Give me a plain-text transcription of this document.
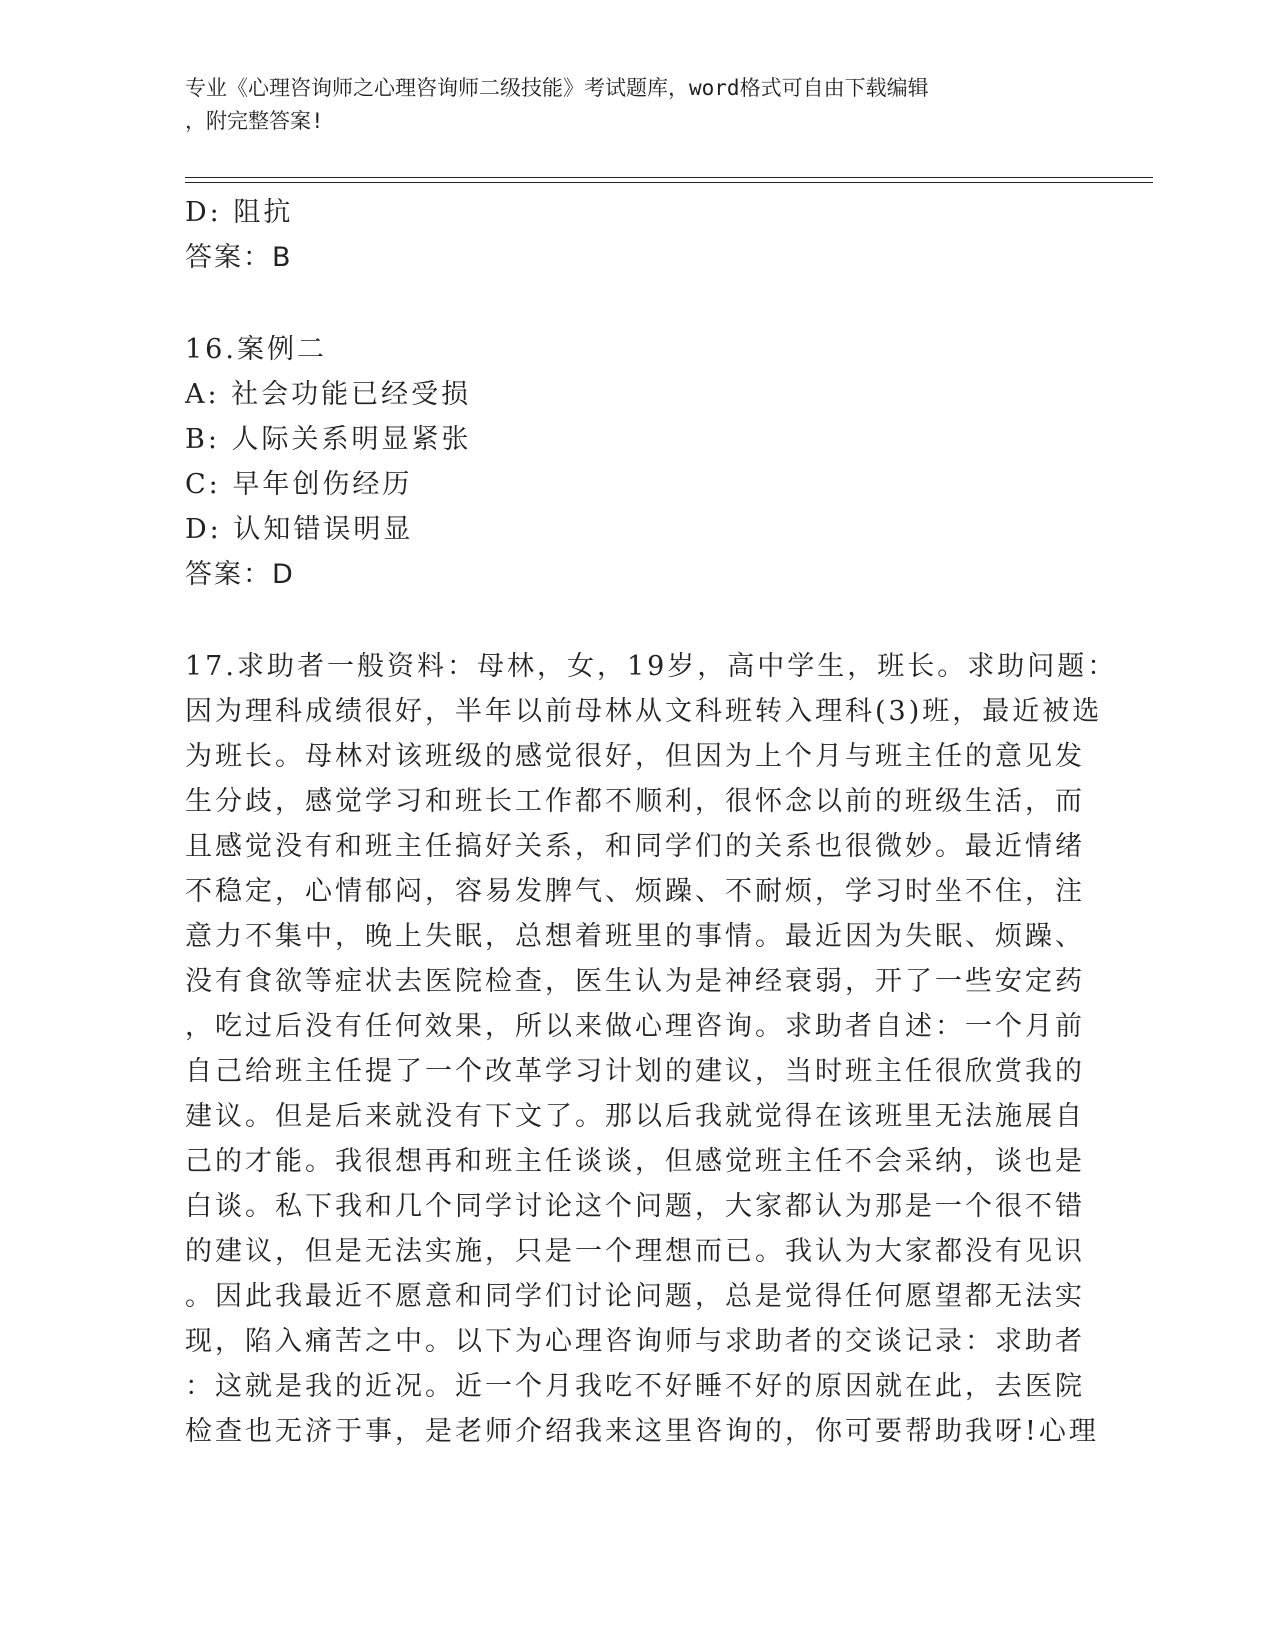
专业《心理咨询师之心理咨询师二级技能》考试题库，word格式可自由下载编辑
，附完整答案!
D: 阻抗
答案：B
16.案例二
A: 社会功能已经受损
B: 人际关系明显紧张
C: 早年创伤经历
D: 认知错误明显
答案：D
17.求助者一般资料：母林，女，19岁，高中学生，班长。求助问题：
因为理科成绩很好，半年以前母林从文科班转入理科(3)班，最近被选
为班长。母林对该班级的感觉很好，但因为上个月与班主任的意见发
生分歧，感觉学习和班长工作都不顺利，很怀念以前的班级生活，而
且感觉没有和班主任搞好关系，和同学们的关系也很微妙。最近情绪
不稳定，心情郁闷，容易发脾气、烦躁、不耐烦，学习时坐不住，注
意力不集中，晚上失眠，总想着班里的事情。最近因为失眠、烦躁、
没有食欲等症状去医院检查，医生认为是神经衰弱，开了一些安定药
，吃过后没有任何效果，所以来做心理咨询。求助者自述：一个月前
自己给班主任提了一个改革学习计划的建议，当时班主任很欣赏我的
建议。但是后来就没有下文了。那以后我就觉得在该班里无法施展自
己的才能。我很想再和班主任谈谈，但感觉班主任不会采纳，谈也是
白谈。私下我和几个同学讨论这个问题，大家都认为那是一个很不错
的建议，但是无法实施，只是一个理想而已。我认为大家都没有见识
。因此我最近不愿意和同学们讨论问题，总是觉得任何愿望都无法实
现，陷入痛苦之中。以下为心理咨询师与求助者的交谈记录：求助者
：这就是我的近况。近一个月我吃不好睡不好的原因就在此，去医院
检查也无济于事，是老师介绍我来这里咨询的，你可要帮助我呀!心理
